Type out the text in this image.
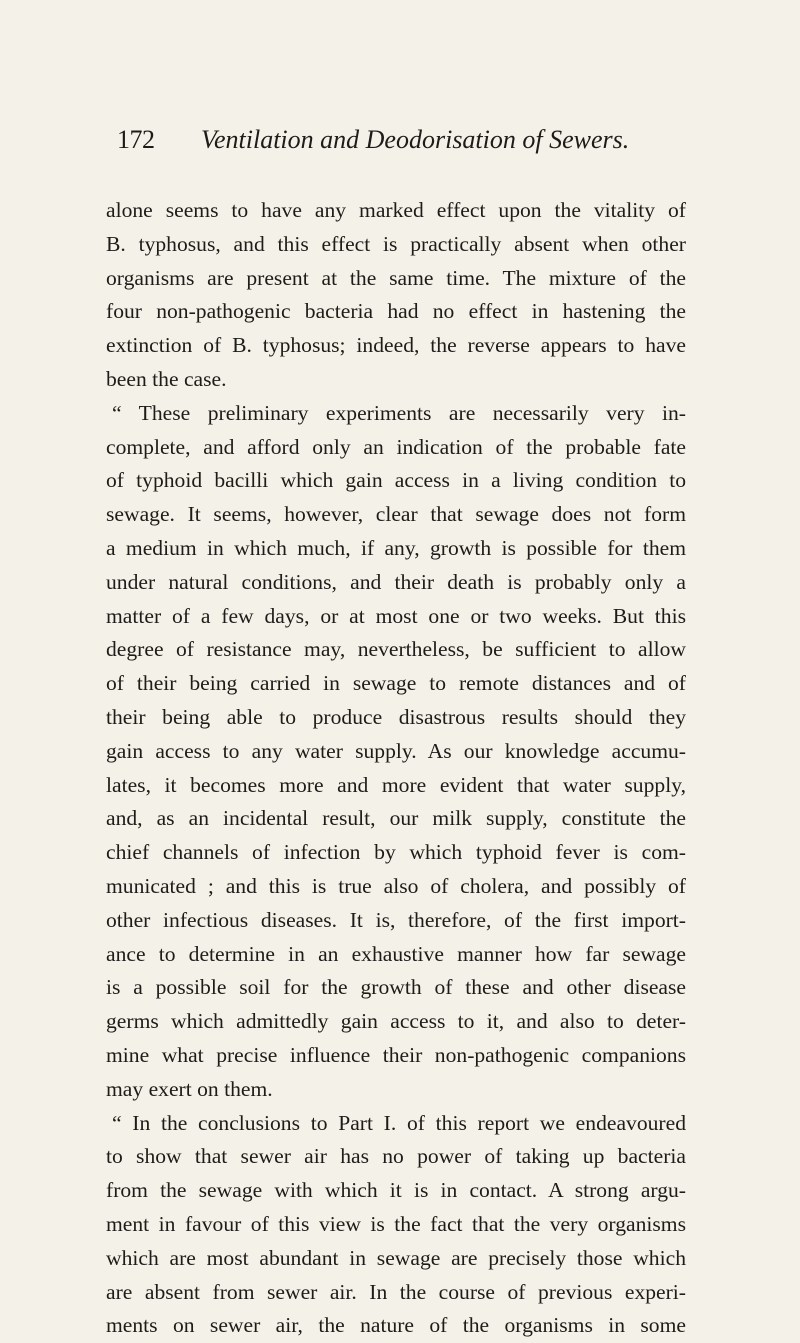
172 Ventilation and Deodorisation of Sewers.
alone seems to have any marked effect upon the vitality of
B. typhosus, and this effect is practically absent when other
organisms are present at the same time. The mixture of the
four non-pathogenic bacteria had no effect in hastening the
extinction of B. typhosus; indeed, the reverse appears to have
been the case.
“ These preliminary experiments are necessarily very in-
complete, and afford only an indication of the probable fate
of typhoid bacilli which gain access in a living condition to
sewage. It seems, however, clear that sewage does not form
a medium in which much, if any, growth is possible for them
under natural conditions, and their death is probably only a
matter of a few days, or at most one or two weeks. But this
degree of resistance may, nevertheless, be sufficient to allow
of their being carried in sewage to remote distances and of
their being able to produce disastrous results should they
gain access to any water supply. As our knowledge accumu-
lates, it becomes more and more evident that water supply,
and, as an incidental result, our milk supply, constitute the
chief channels of infection by which typhoid fever is com-
municated ; and this is true also of cholera, and possibly of
other infectious diseases. It is, therefore, of the first import-
ance to determine in an exhaustive manner how far sewage
is a possible soil for the growth of these and other disease
germs which admittedly gain access to it, and also to deter-
mine what precise influence their non-pathogenic companions
may exert on them.
“ In the conclusions to Part I. of this report we endeavoured
to show that sewer air has no power of taking up bacteria
from the sewage with which it is in contact. A strong argu-
ment in favour of this view is the fact that the very organisms
which are most abundant in sewage are precisely those which
are absent from sewer air. In the course of previous experi-
ments on sewer air, the nature of the organisms in some
